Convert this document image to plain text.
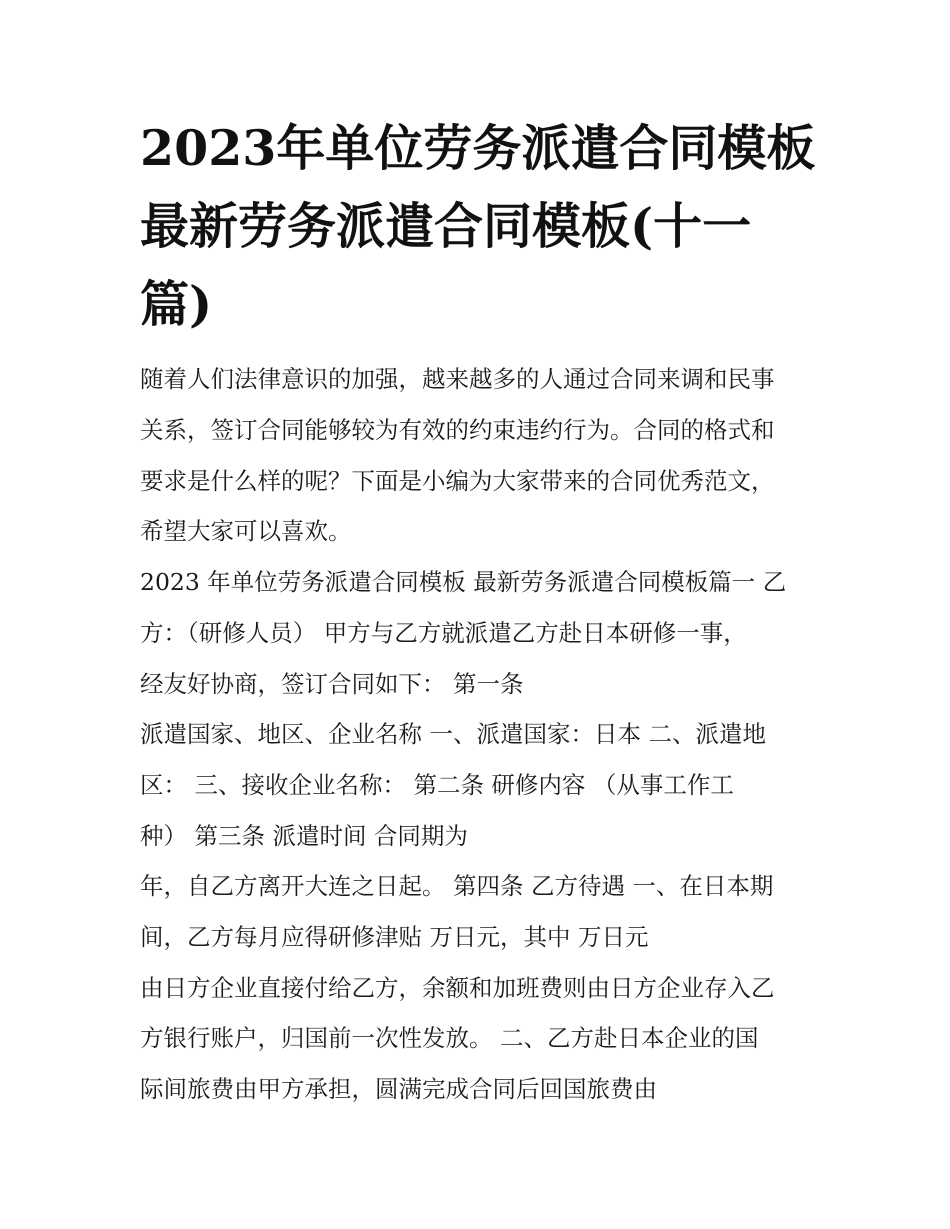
2023年单位劳务派遣合同模板
最新劳务派遣合同模板(十一
篇)
随着人们法律意识的加强，越来越多的人通过合同来调和民事
关系，签订合同能够较为有效的约束违约行为。合同的格式和
要求是什么样的呢？下面是小编为大家带来的合同优秀范文，
希望大家可以喜欢。
2023 年单位劳务派遣合同模板 最新劳务派遣合同模板篇一 乙
方：（研修人员） 甲方与乙方就派遣乙方赴日本研修一事，
经友好协商，签订合同如下： 第一条
派遣国家、地区、企业名称 一、派遣国家：日本 二、派遣地
区： 三、接收企业名称： 第二条 研修内容 （从事工作工
种） 第三条 派遣时间 合同期为
年，自乙方离开大连之日起。 第四条 乙方待遇 一、在日本期
间，乙方每月应得研修津贴 万日元，其中 万日元
由日方企业直接付给乙方，余额和加班费则由日方企业存入乙
方银行账户，归国前一次性发放。 二、乙方赴日本企业的国
际间旅费由甲方承担，圆满完成合同后回国旅费由
